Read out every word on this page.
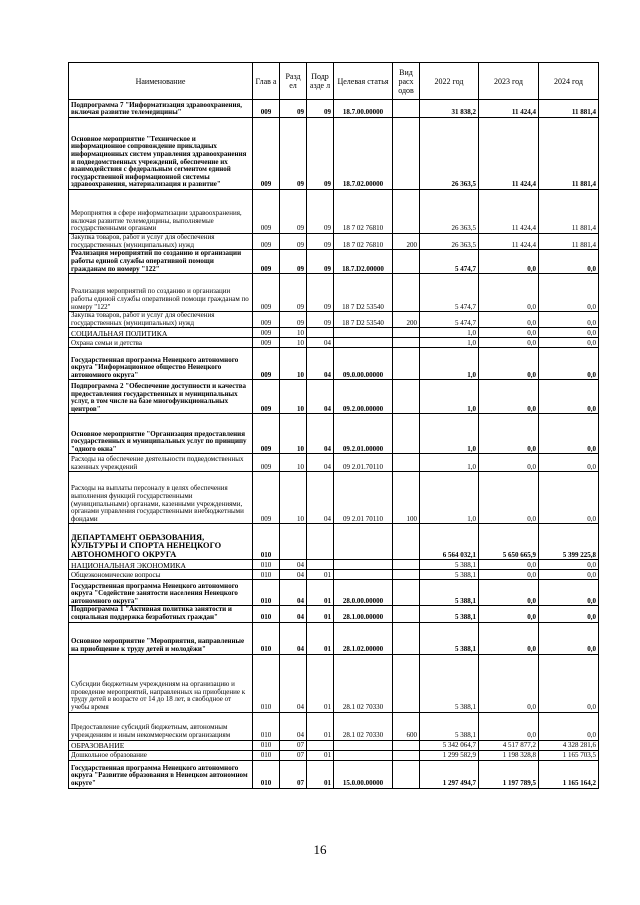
Наименование	Глав а	Разд ел	Подр азде л	Целевая статья	Вид расх одов	2022 год	2023 год	2024 год
Подпрограмма 7 "Информатизация здравоохранения, включая развитие телемедицины"	009	09	09	18.7.00.00000		31 838,2	11 424,4	11 881,4
Основное мероприятие "Техническое и информационное сопровождение прикладных информационных систем управления здравоохранения и подведомственных учреждений, обеспечение их взаимодействия с федеральным сегментом единой государственной информационной системы здравоохранения, материализация и развитие"	009	09	09	18.7.02.00000		26 363,5	11 424,4	11 881,4
Мероприятия в сфере информатизации здравоохранения, включая развитие телемедицины, выполняемые государственными органами	009	09	09	18 7 02 76810		26 363,5	11 424,4	11 881,4
Закупка товаров, работ и услуг для обеспечения государственных (муниципальных) нужд	009	09	09	18 7 02 76810	200	26 363,5	11 424,4	11 881,4
Реализация мероприятий по созданию и организации работы единой службы оперативной помощи гражданам по номеру "122"	009	09	09	18.7.D2.00000		5 474,7	0,0	0,0
Реализация мероприятий по созданию и организации работы единой службы оперативной помощи гражданам по номеру "122"	009	09	09	18 7 D2 53540		5 474,7	0,0	0,0
Закупка товаров, работ и услуг для обеспечения государственных (муниципальных) нужд	009	09	09	18 7 D2 53540	200	5 474,7	0,0	0,0
СОЦИАЛЬНАЯ ПОЛИТИКА	009	10				1,0	0,0	0,0
Охрана семьи и детства	009	10	04			1,0	0,0	0,0
Государственная программа Ненецкого автономного округа "Информационное общество Ненецкого автономного округа"	009	10	04	09.0.00.00000		1,0	0,0	0,0
Подпрограмма 2 "Обеспечение доступности и качества предоставления государственных и муниципальных услуг, в том числе на базе многофункциональных центров"	009	10	04	09.2.00.00000		1,0	0,0	0,0
Основное мероприятие "Организация предоставления государственных и муниципальных услуг по принципу "одного окна"	009	10	04	09.2.01.00000		1,0	0,0	0,0
Расходы на обеспечение деятельности подведомственных казенных учреждений	009	10	04	09 2.01.70110		1,0	0,0	0,0
Расходы на выплаты персоналу в целях обеспечения выполнения функций государственными (муниципальными) органами, казенными учреждениями, органами управления государственными внебюджетными фондами	009	10	04	09 2.01 70110	100	1,0	0,0	0,0
ДЕПАРТАМЕНТ ОБРАЗОВАНИЯ, КУЛЬТУРЫ И СПОРТА НЕНЕЦКОГО АВТОНОМНОГО ОКРУГА	010					6 564 032,1	5 650 665,9	5 399 225,8
НАЦИОНАЛЬНАЯ ЭКОНОМИКА	010	04				5 388,1	0,0	0,0
Общеэкономические вопросы	010	04	01			5 388,1	0,0	0,0
Государственная программа Ненецкого автономного округа "Содействие занятости населения Ненецкого автономного округа"	010	04	01	28.0.00.00000		5 388,1	0,0	0,0
Подпрограмма 1 "Активная политика занятости и социальная поддержка безработных граждан"	010	04	01	28.1.00.00000		5 388,1	0,0	0,0
Основное мероприятие "Мероприятия, направленные на приобщение к труду детей и молодёжи"	010	04	01	28.1.02.00000		5 388,1	0,0	0,0
Субсидии бюджетным учреждениям на организацию и проведение мероприятий, направленных на приобщение к труду детей в возрасте от 14 до 18 лет, в свободное от учебы время	010	04	01	28.1 02 70330		5 388,1	0,0	0,0
Предоставление субсидий бюджетным, автономным учреждениям и иным некоммерческим организациям	010	04	01	28.1 02 70330	600	5 388,1	0,0	0,0
ОБРАЗОВАНИЕ	010	07				5 342 064,7	4 517 877,2	4 328 281,6
Дошкольное образование	010	07	01			1 299 582,9	1 198 328,8	1 165 703,5
Государственная программа Ненецкого автономного округа "Развитие образования в Ненецком автономном округе"	010	07	01	15.0.00.00000		1 297 494,7	1 197 789,5	1 165 164,2
16
